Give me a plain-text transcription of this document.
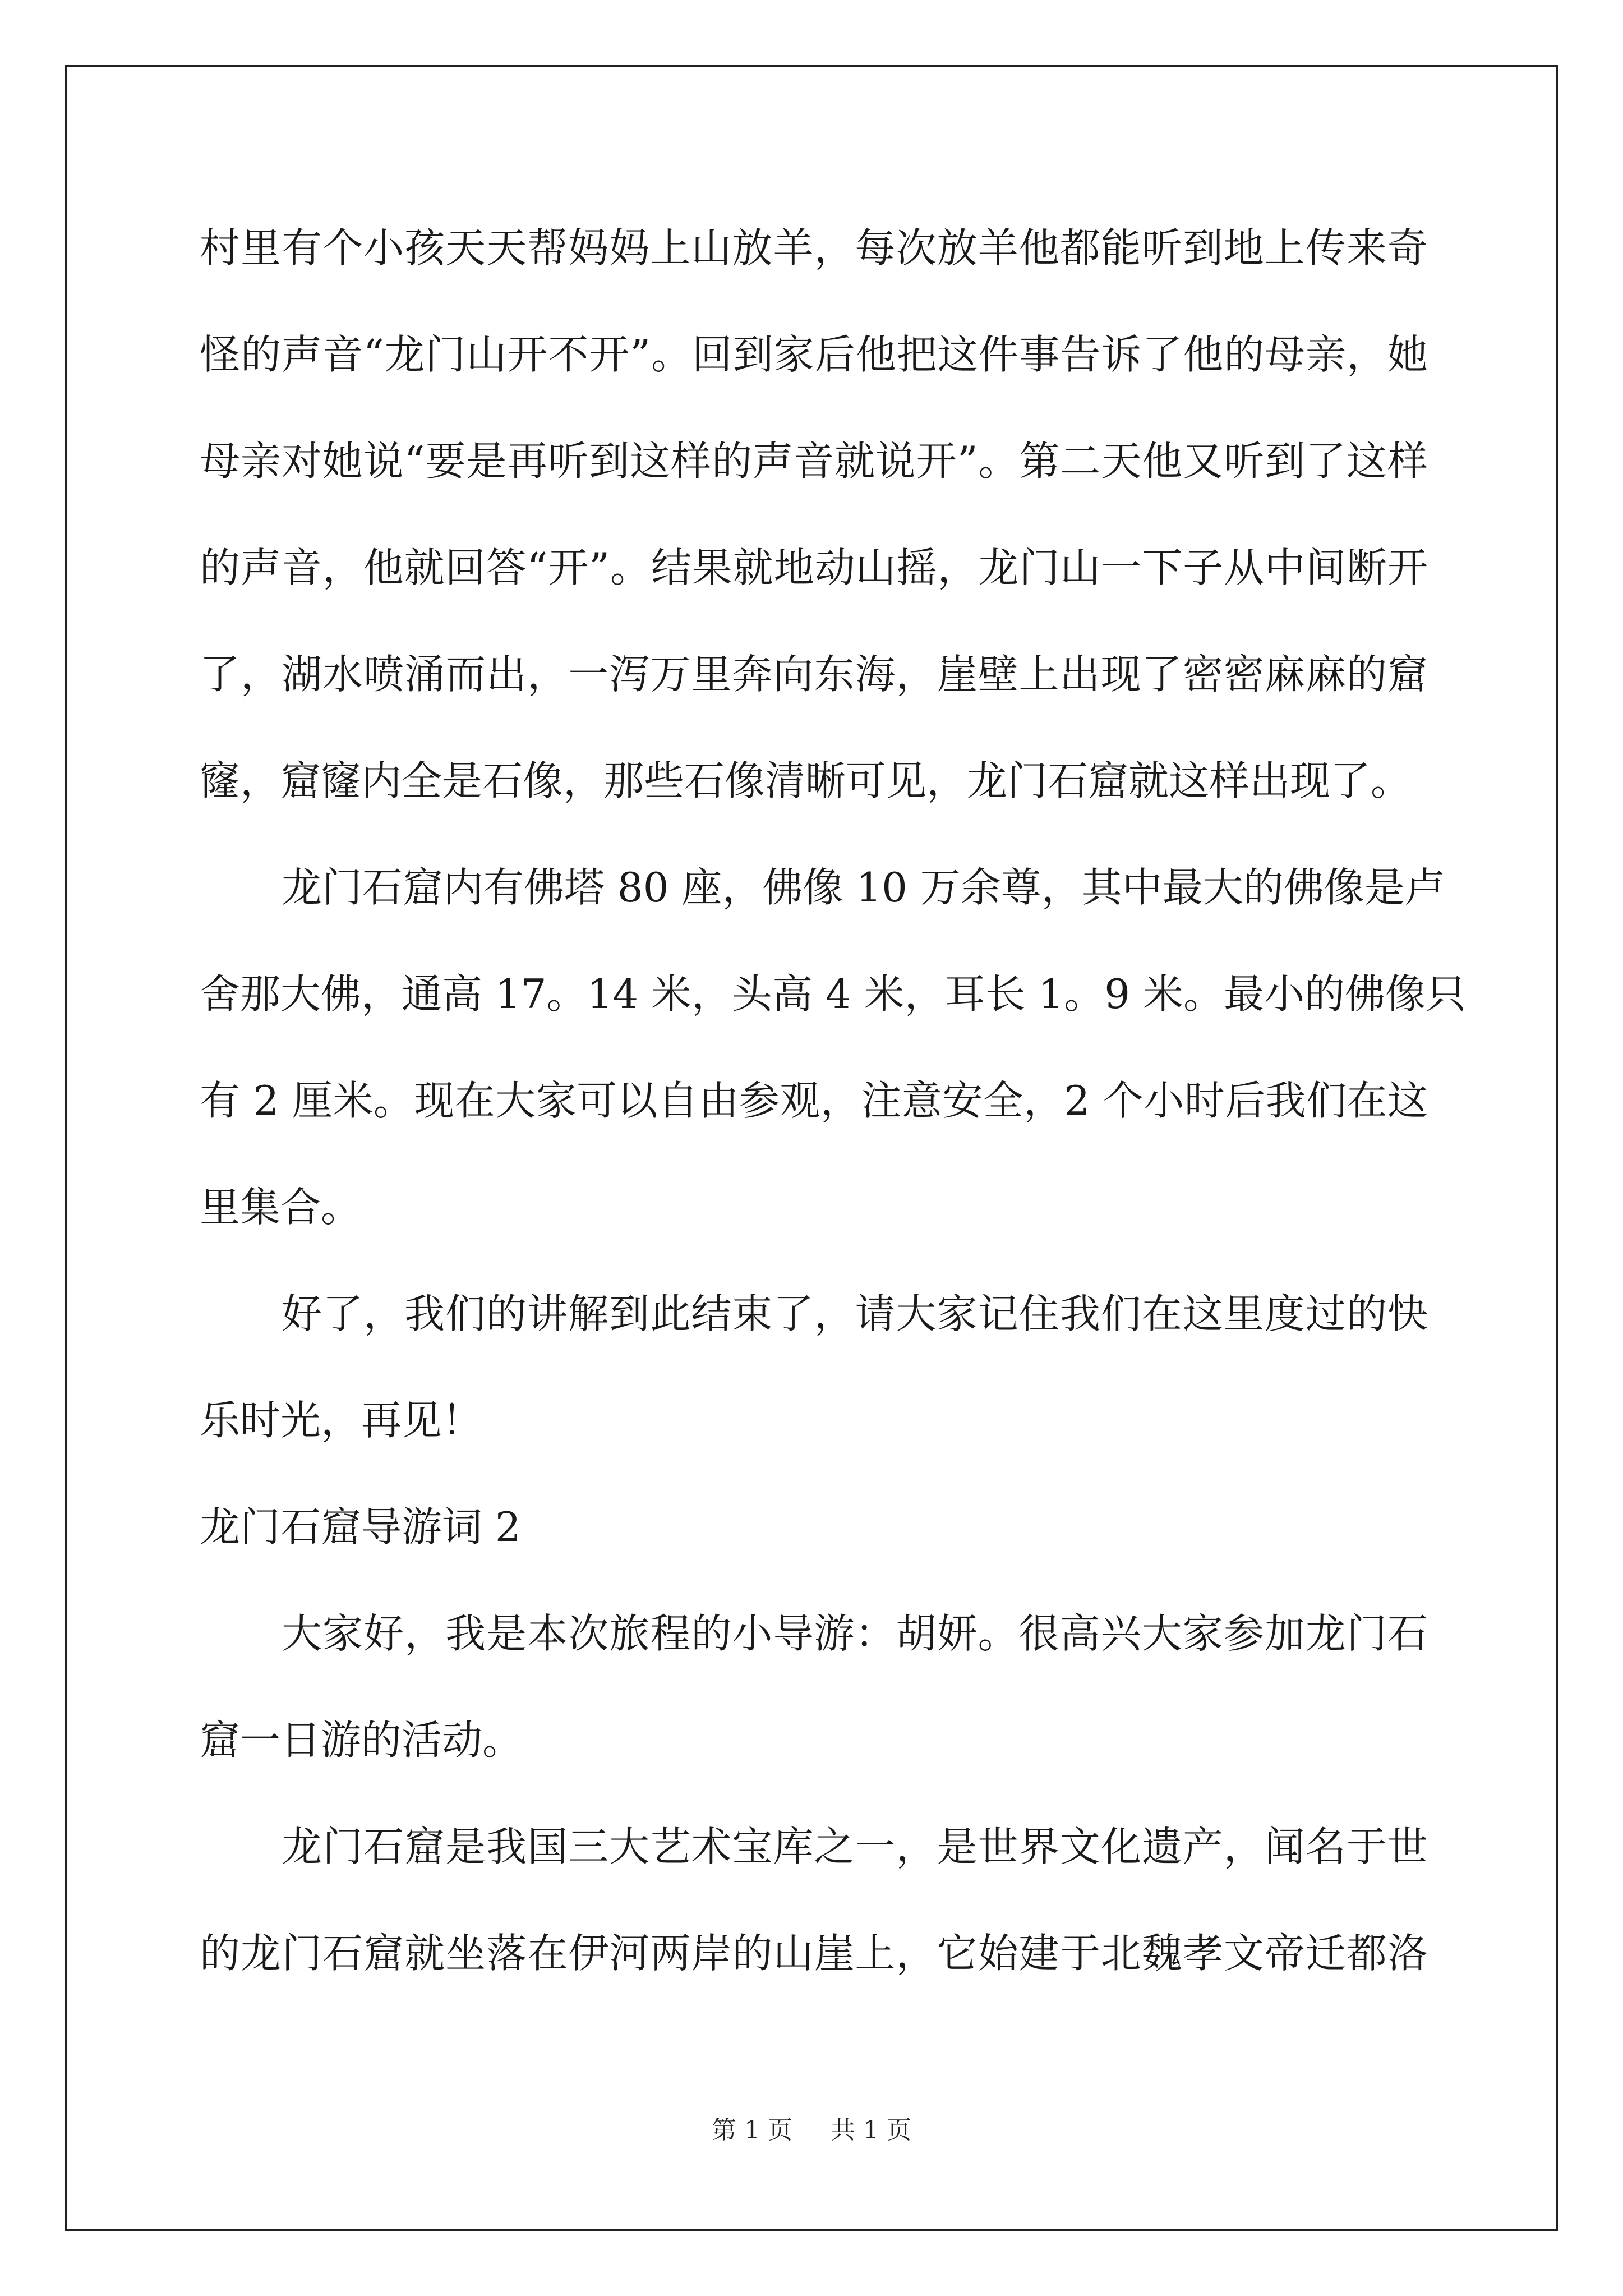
村里有个小孩天天帮妈妈上山放羊，每次放羊他都能听到地上传来奇
怪的声音“龙门山开不开”。回到家后他把这件事告诉了他的母亲，她
母亲对她说“要是再听到这样的声音就说开”。第二天他又听到了这样
的声音，他就回答“开”。结果就地动山摇，龙门山一下子从中间断开
了，湖水喷涌而出，一泻万里奔向东海，崖壁上出现了密密麻麻的窟
窿，窟窿内全是石像，那些石像清晰可见，龙门石窟就这样出现了。
龙门石窟内有佛塔 80 座，佛像 10 万余尊，其中最大的佛像是卢
舍那大佛，通高 17。14 米，头高 4 米，耳长 1。9 米。最小的佛像只
有 2 厘米。现在大家可以自由参观，注意安全，2 个小时后我们在这
里集合。
好了，我们的讲解到此结束了，请大家记住我们在这里度过的快
乐时光，再见！
龙门石窟导游词 2
大家好，我是本次旅程的小导游：胡妍。很高兴大家参加龙门石
窟一日游的活动。
龙门石窟是我国三大艺术宝库之一，是世界文化遗产，闻名于世
的龙门石窟就坐落在伊河两岸的山崖上，它始建于北魏孝文帝迁都洛
第 1 页 共 1 页
